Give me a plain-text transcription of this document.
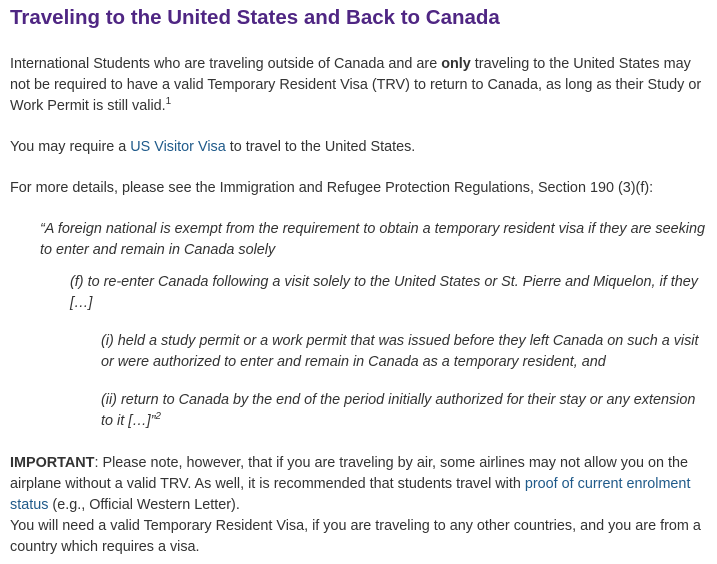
Traveling to the United States and Back to Canada

International Students who are traveling outside of Canada and are only traveling to the United States may not be required to have a valid Temporary Resident Visa (TRV) to return to Canada, as long as their Study or Work Permit is still valid.$^1$

You may require a US Visitor Visa to travel to the United States.

For more details, please see the Immigration and Refugee Protection Regulations, Section 190 (3)(f):

“A foreign national is exempt from the requirement to obtain a temporary resident visa if they are seeking to enter and remain in Canada solely

(f) to re-enter Canada following a visit solely to the United States or St. Pierre and Miquelon, if they […]

(i) held a study permit or a work permit that was issued before they left Canada on such a visit or were authorized to enter and remain in Canada as a temporary resident, and

(ii) return to Canada by the end of the period initially authorized for their stay or any extension to it […]”$^2$

IMPORTANT: Please note, however, that if you are traveling by air, some airlines may not allow you on the airplane without a valid TRV. As well, it is recommended that students travel with proof of current enrolment status (e.g., Official Western Letter).

You will need a valid Temporary Resident Visa, if you are traveling to any other countries, and you are from a country which requires a visa.
